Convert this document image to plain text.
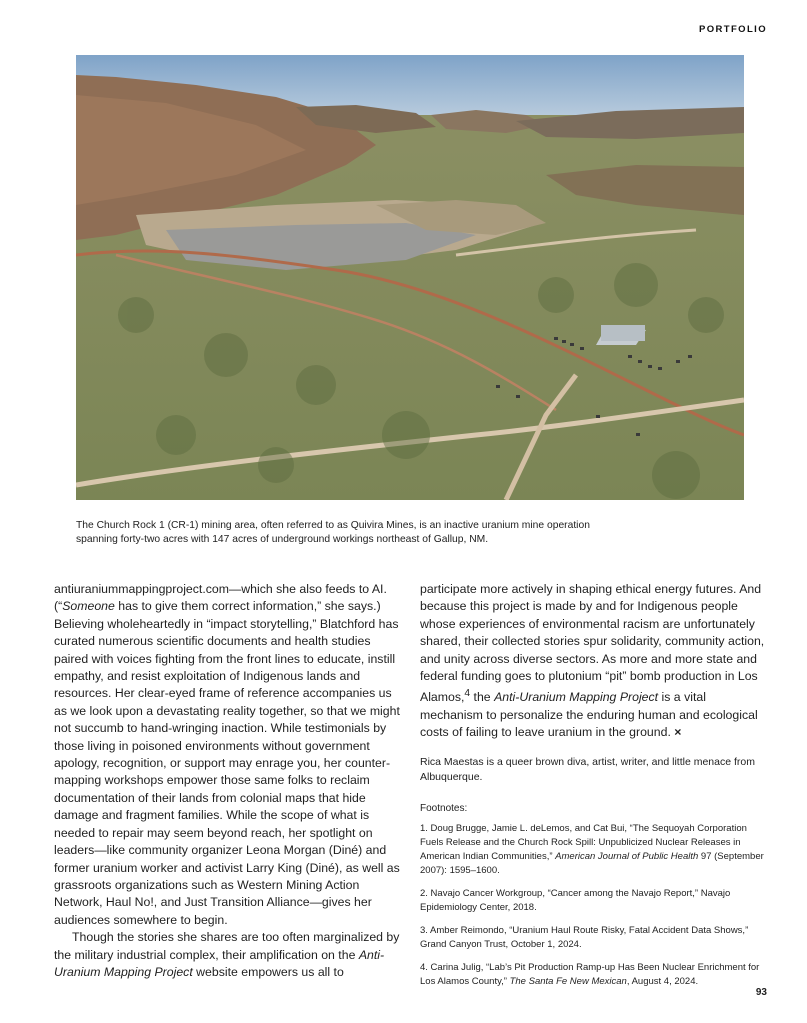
PORTFOLIO
The Church Rock 1 (CR-1) mining area, often referred to as Quivira Mines, is an inactive uranium mine operation
spanning forty-two acres with 147 acres of underground workings northeast of Gallup, NM.

antiuraniummappingproject.com—which she also feeds to AI. (“Someone has to give them correct information,” she says.) Believing wholeheartedly in “impact storytelling,” Blatchford has curated numerous scientific documents and health studies paired with voices fighting from the front lines to educate, instill empathy, and resist exploitation of Indigenous lands and resources. Her clear-eyed frame of reference accompanies us as we look upon a devastating reality together, so that we might not succumb to hand-wringing inaction. While testimonials by those living in poisoned environments without government apology, recognition, or support may enrage you, her counter-mapping workshops empower those same folks to reclaim documentation of their lands from colonial maps that hide damage and fragment families. While the scope of what is needed to repair may seem beyond reach, her spotlight on leaders—like community organizer Leona Morgan (Diné) and former uranium worker and activist Larry King (Diné), as well as grassroots organizations such as Western Mining Action Network, Haul No!, and Just Transition Alliance—gives her audiences somewhere to begin.

Though the stories she shares are too often marginalized by the military industrial complex, their amplification on the Anti-Uranium Mapping Project website empowers us all to

participate more actively in shaping ethical energy futures. And because this project is made by and for Indigenous people whose experiences of environmental racism are unfortunately shared, their collected stories spur solidarity, community action, and unity across diverse sectors. As more and more state and federal funding goes to plutonium “pit” bomb production in Los Alamos,$^4$ the Anti-Uranium Mapping Project is a vital mechanism to personalize the enduring human and ecological costs of failing to leave uranium in the ground. ×

Rica Maestas is a queer brown diva, artist, writer, and little menace from Albuquerque.
Footnotes:

1. Doug Brugge, Jamie L. deLemos, and Cat Bui, “The Sequoyah Corporation Fuels Release and the Church Rock Spill: Unpublicized Nuclear Releases in American Indian Communities,” American Journal of Public Health 97 (September 2007): 1595–1600.

2. Navajo Cancer Workgroup, “Cancer among the Navajo Report,” Navajo Epidemiology Center, 2018.

3. Amber Reimondo, “Uranium Haul Route Risky, Fatal Accident Data Shows,” Grand Canyon Trust, October 1, 2024.

4. Carina Julig, “Lab’s Pit Production Ramp-up Has Been Nuclear Enrichment for Los Alamos County,” The Santa Fe New Mexican, August 4, 2024.

93
